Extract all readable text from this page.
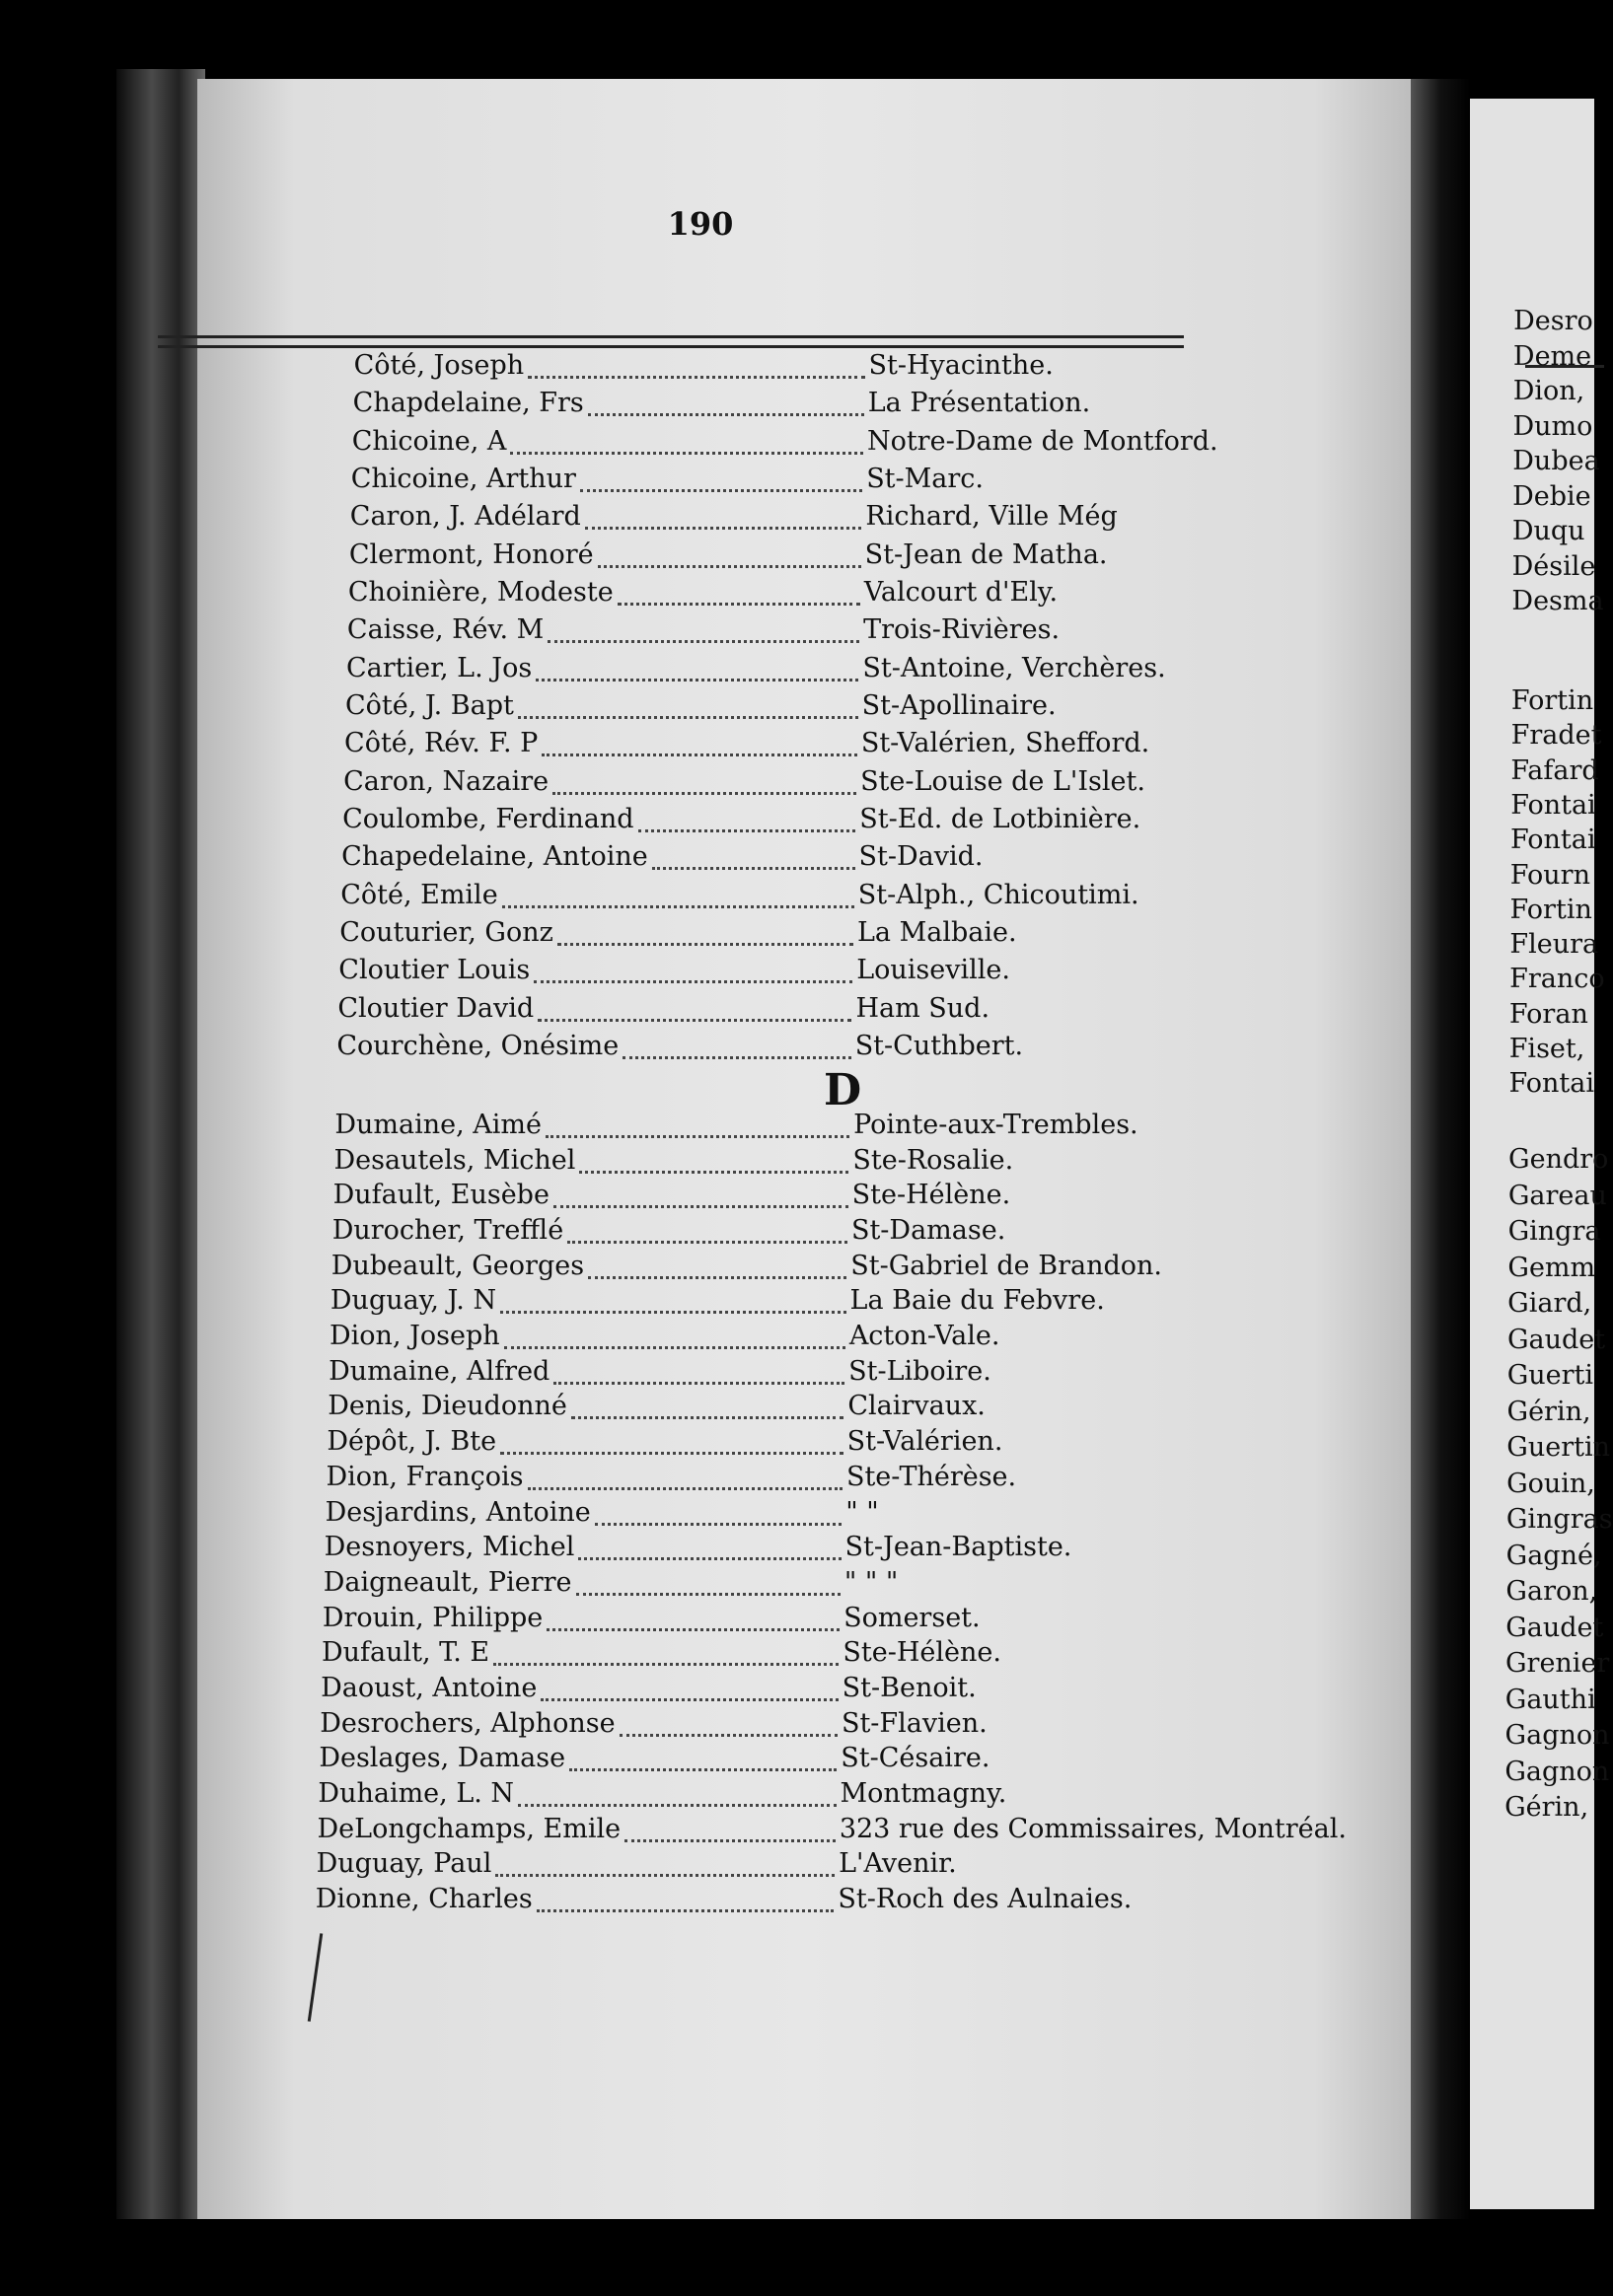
Desro
Deme
Dion,
Dumo
Dubea
Debie
Duqu
Désile
Desma
Fortin
Fradet
Fafard
Fontai
Fontai
Fourn
Fortin
Fleura
Franco
Foran
Fiset,
Fontai
Gendro
Gareau
Gingra
Gemm
Giard,
Gaudet
Guerti
Gérin,
Guertin
Gouin,
Gingras
Gagné,
Garon,
Gaudet
Grenier
Gauthi
Gagnon
Gagnon
Gérin,
190
D
Côté, Joseph	St-Hyacinthe.
Chapdelaine, Frs	La Présentation.
Chicoine, A	Notre-Dame de Montford.
Chicoine, Arthur	St-Marc.
Caron, J. Adélard	Richard, Ville Még
Clermont, Honoré	St-Jean de Matha.
Choinière, Modeste	Valcourt d'Ely.
Caisse, Rév. M	Trois-Rivières.
Cartier, L. Jos	St-Antoine, Verchères.
Côté, J. Bapt	St-Apollinaire.
Côté, Rév. F. P	St-Valérien, Shefford.
Caron, Nazaire	Ste-Louise de L'Islet.
Coulombe, Ferdinand	St-Ed. de Lotbinière.
Chapedelaine, Antoine	St-David.
Côté, Emile	St-Alph., Chicoutimi.
Couturier, Gonz	La Malbaie.
Cloutier Louis	Louiseville.
Cloutier David	Ham Sud.
Courchène, Onésime	St-Cuthbert.
Dumaine, Aimé	Pointe-aux-Trembles.
Desautels, Michel	Ste-Rosalie.
Dufault, Eusèbe	Ste-Hélène.
Durocher, Trefflé	St-Damase.
Dubeault, Georges	St-Gabriel de Brandon.
Duguay, J. N	La Baie du Febvre.
Dion, Joseph	Acton-Vale.
Dumaine, Alfred	St-Liboire.
Denis, Dieudonné	Clairvaux.
Dépôt, J. Bte	St-Valérien.
Dion, François	Ste-Thérèse.
Desjardins, Antoine	" "
Desnoyers, Michel	St-Jean-Baptiste.
Daigneault, Pierre	" " "
Drouin, Philippe	Somerset.
Dufault, T. E	Ste-Hélène.
Daoust, Antoine	St-Benoit.
Desrochers, Alphonse	St-Flavien.
Deslages, Damase	St-Césaire.
Duhaime, L. N	Montmagny.
DeLongchamps, Emile	323 rue des Commissaires, Montréal.
Duguay, Paul	L'Avenir.
Dionne, Charles	St-Roch des Aulnaies.
